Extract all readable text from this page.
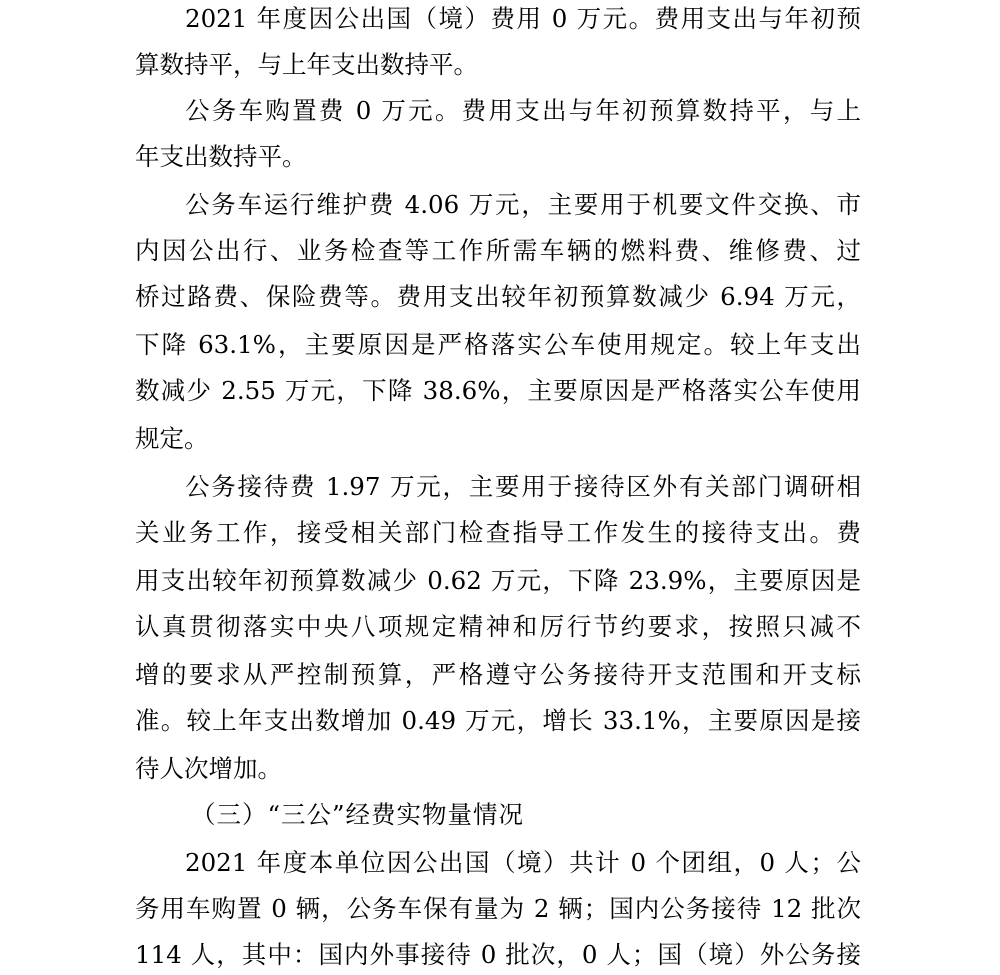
2021 年度因公出国（境）费用 0 万元。费用支出与年初预
算数持平，与上年支出数持平。
公务车购置费 0 万元。费用支出与年初预算数持平，与上
年支出数持平。
公务车运行维护费 4.06 万元，主要用于机要文件交换、市
内因公出行、业务检查等工作所需车辆的燃料费、维修费、过
桥过路费、保险费等。费用支出较年初预算数减少 6.94 万元，
下降 63.1%，主要原因是严格落实公车使用规定。较上年支出
数减少 2.55 万元，下降 38.6%，主要原因是严格落实公车使用
规定。
公务接待费 1.97 万元，主要用于接待区外有关部门调研相
关业务工作，接受相关部门检查指导工作发生的接待支出。费
用支出较年初预算数减少 0.62 万元，下降 23.9%，主要原因是
认真贯彻落实中央八项规定精神和厉行节约要求，按照只减不
增的要求从严控制预算，严格遵守公务接待开支范围和开支标
准。较上年支出数增加 0.49 万元，增长 33.1%，主要原因是接
待人次增加。
（三）“三公”经费实物量情况
2021 年度本单位因公出国（境）共计 0 个团组，0 人；公
务用车购置 0 辆，公务车保有量为 2 辆；国内公务接待 12 批次
114 人，其中：国内外事接待 0 批次，0 人；国（境）外公务接
